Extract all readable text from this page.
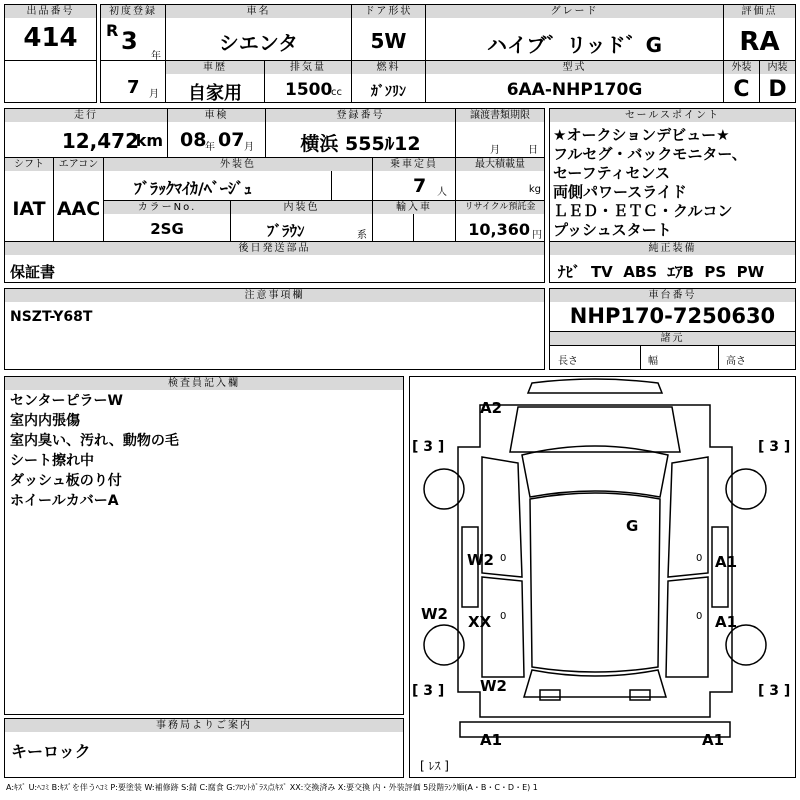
出品番号
414
初度登録
R 3
年
7 月
車名
シエンタ
ドア形状
5W
グレード
ハイブ゛リッド゛G
評価点
RA
車歴
自家用
排気量
1500
cc
燃料
ｶﾞｿﾘﾝ
型式
6AA-NHP170G
外装
C
内装
D
走行
12,472
km
車検
08
年 07 月
登録番号
横浜 555ﾙ12
譲渡書類期限
月	日
シフト
IAT
エアコン
AAC
外装色
ﾌﾞﾗｯｸﾏｲｶ/ﾍﾞｰｼﾞｭ
乗車定員
7 人
最大積載量
kg
カラーNo.
2SG
内装色
ﾌﾞﾗｳﾝ	系
輸入車	リサイクル預託金
10,360 円
後日発送部品
保証書
セールスポイント
★オークションデビュー★
フルセグ・バックモニター、
セーフティセンス
両側パワースライド
ＬＥＤ・ＥＴＣ・クルコン
プッシュスタート
純正装備
ﾅﾋﾞ  TV  ABS  ｴｱB  PS  PW
注意事項欄
NSZT-Y68T
車台番号
NHP170-7250630
諸元
長さ	幅	高さ
検査員記入欄
センターピラーW
室内内張傷
室内臭い、汚れ、動物の毛
シート擦れ中
ダッシュ板のり付
ホイールカバーA
事務局よりご案内
キーロック
A2
G
W2 0	A1
0
W2 XX 0	A1
0
W2
A1	A1
[ 3 ]	[ 3 ]
[ 3 ]	[ 3 ]
[ ﾚｽ ]
A:ｷｽﾞ U:ﾍｺﾐ B:ｷｽﾞを伴うﾍｺﾐ P:要塗装 W:補修跡 S:錆 C:腐食 G:ﾌﾛﾝﾄｶﾞﾗｽ点ｷｽﾞ XX:交換済み X:要交換 内・外装評価 5段階ﾗﾝｸ順(A・B・C・D・E) 1
